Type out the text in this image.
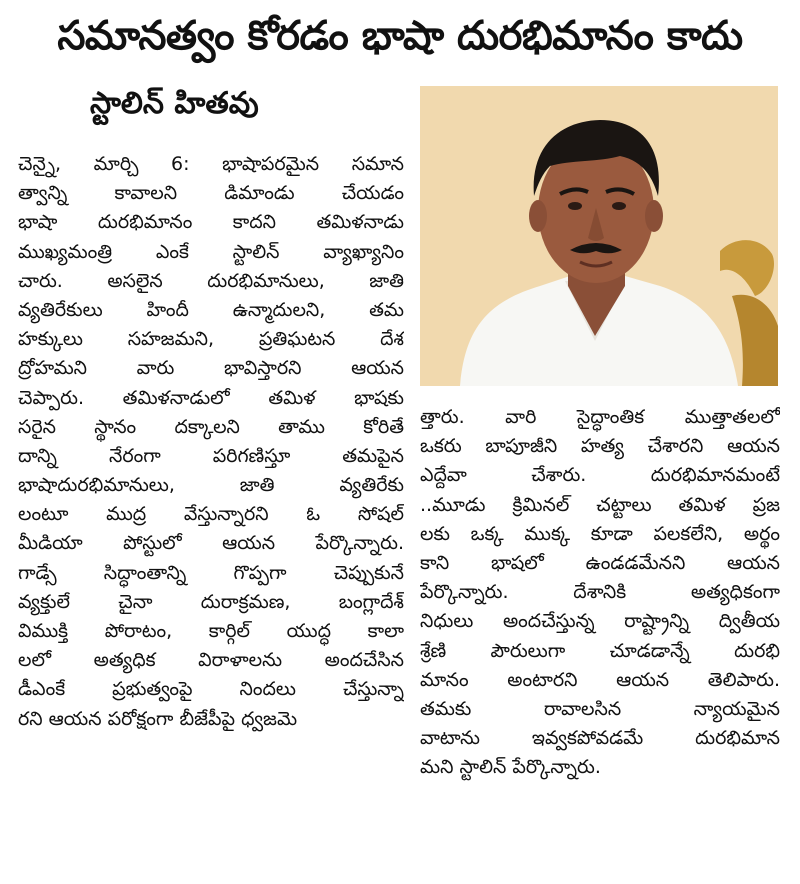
సమానత్వం కోరడం భాషా దురభిమానం కాదు
స్టాలిన్ హితవు
చెన్నై, మార్చి 6: భాషాపరమైన సమాన
త్వాన్ని కావాలని డిమాండు చేయడం
భాషా దురభిమానం కాదని తమిళనాడు
ముఖ్యమంత్రి ఎంకే స్టాలిన్ వ్యాఖ్యానిం
చారు. అసలైన దురభిమానులు, జాతి
వ్యతిరేకులు హిందీ ఉన్మాదులని, తమ
హక్కులు సహజమని, ప్రతిఘటన దేశ
ద్రోహమని వారు భావిస్తారని ఆయన
చెప్పారు. తమిళనాడులో తమిళ భాషకు
సరైన స్థానం దక్కాలని తాము కోరితే
దాన్ని నేరంగా పరిగణిస్తూ తమపైన
భాషాదురభిమానులు, జాతి వ్యతిరేకు
లంటూ ముద్ర వేస్తున్నారని ఓ సోషల్
మీడియా పోస్టులో ఆయన పేర్కొన్నారు.
గాడ్సే సిద్ధాంతాన్ని గొప్పగా చెప్పుకునే
వ్యక్తులే చైనా దురాక్రమణ, బంగ్లాదేశ్
విముక్తి పోరాటం, కార్గిల్ యుద్ధ కాలా
లలో అత్యధిక విరాళాలను అందచేసిన
డీఎంకే ప్రభుత్వంపై నిందలు చేస్తున్నా
రని ఆయన పరోక్షంగా బీజేపీపై ధ్వజమె
త్తారు. వారి సైద్ధాంతిక ముత్తాతలలో
ఒకరు బాపూజీని హత్య చేశారని ఆయన
ఎద్దేవా చేశారు. దురభిమానమంటే
..మూడు క్రిమినల్ చట్టాలు తమిళ ప్రజ
లకు ఒక్క ముక్క కూడా పలకలేని, అర్థం
కాని భాషలో ఉండడమేనని ఆయన
పేర్కొన్నారు. దేశానికి అత్యధికంగా
నిధులు అందచేస్తున్న రాష్ట్రాన్ని ద్వితీయ
శ్రేణి పౌరులుగా చూడడాన్నే దురభి
మానం అంటారని ఆయన తెలిపారు.
తమకు రావాలసిన న్యాయమైన
వాటాను ఇవ్వకపోవడమే దురభిమాన
మని స్టాలిన్ పేర్కొన్నారు.
